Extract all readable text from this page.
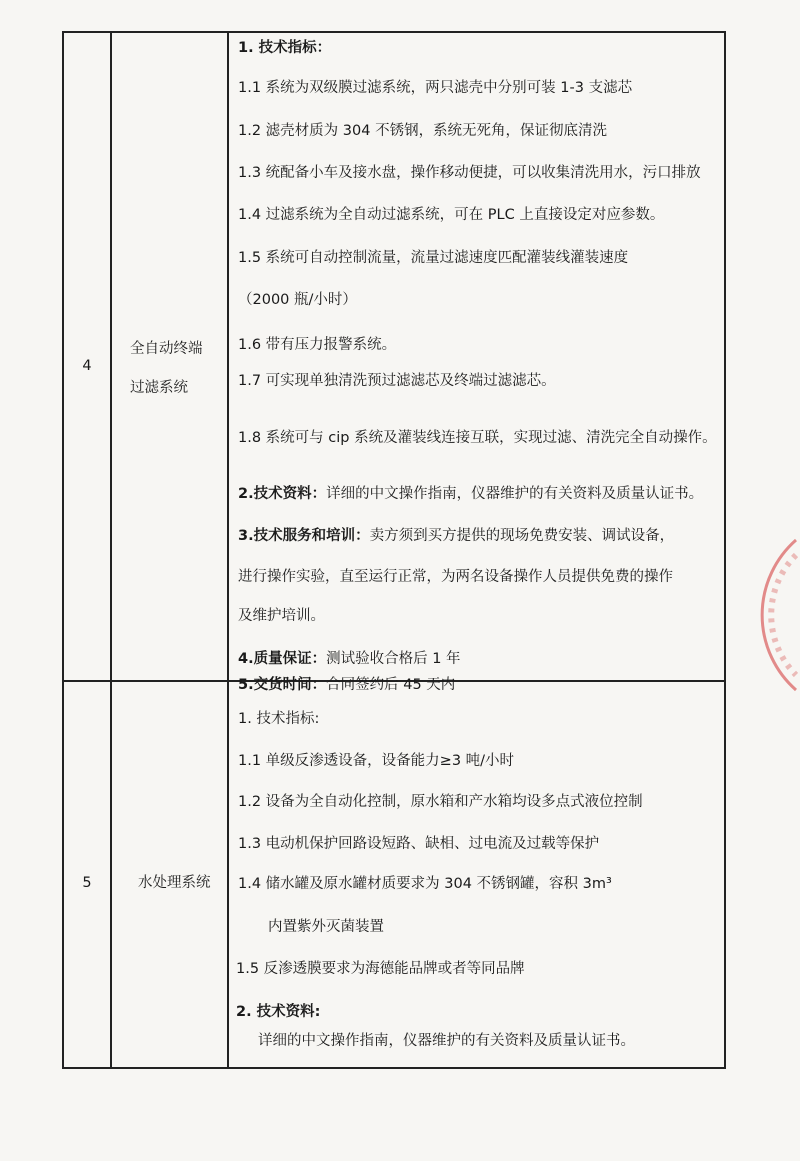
4
全自动终端
过滤系统
1. 技术指标：
1.1 系统为双级膜过滤系统，两只滤壳中分别可装 1-3 支滤芯
1.2 滤壳材质为 304 不锈钢，系统无死角，保证彻底清洗
1.3 统配备小车及接水盘，操作移动便捷，可以收集清洗用水，污口排放
1.4 过滤系统为全自动过滤系统，可在 PLC 上直接设定对应参数。
1.5 系统可自动控制流量，流量过滤速度匹配灌装线灌装速度
（2000 瓶/小时）
1.6 带有压力报警系统。
1.7 可实现单独清洗预过滤滤芯及终端过滤滤芯。
1.8 系统可与 cip 系统及灌装线连接互联，实现过滤、清洗完全自动操作。
2.技术资料：详细的中文操作指南，仪器维护的有关资料及质量认证书。
3.技术服务和培训：卖方须到买方提供的现场免费安装、调试设备，
进行操作实验，直至运行正常，为两名设备操作人员提供免费的操作
及维护培训。
4.质量保证：测试验收合格后 1 年
5.交货时间：合同签约后 45 天内
5	水处理系统
1. 技术指标:
1.1 单级反渗透设备，设备能力≥3 吨/小时
1.2 设备为全自动化控制，原水箱和产水箱均设多点式液位控制
1.3 电动机保护回路设短路、缺相、过电流及过载等保护
1.4 储水罐及原水罐材质要求为 304 不锈钢罐，容积 3m³
内置紫外灭菌装置
1.5 反渗透膜要求为海德能品牌或者等同品牌
2. 技术资料:
详细的中文操作指南，仪器维护的有关资料及质量认证书。
